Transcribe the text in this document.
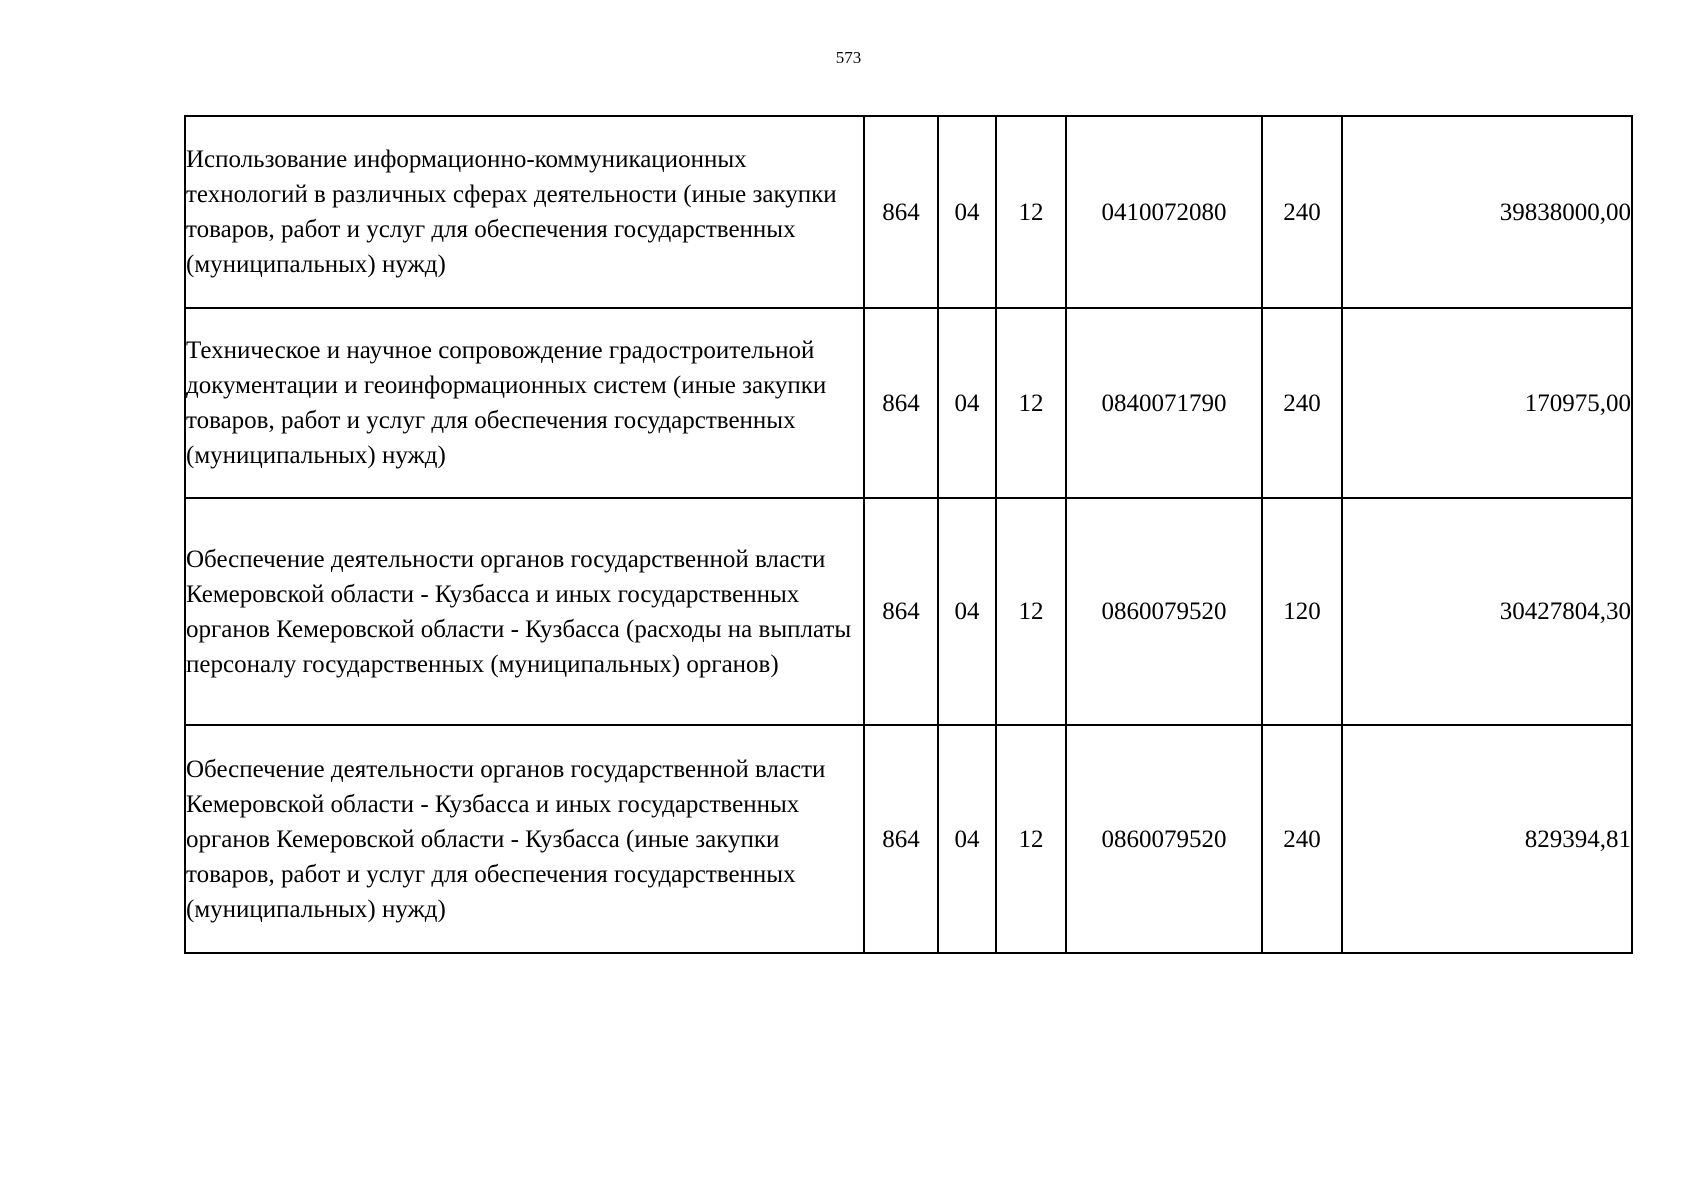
573
Использование информационно-коммуникационных технологий в различных сферах деятельности (иные закупки товаров, работ и услуг для обеспечения государственных (муниципальных) нужд)	864	04	12	0410072080	240	39838000,00
Техническое и научное сопровождение градостроительной документации и геоинформационных систем (иные закупки товаров, работ и услуг для обеспечения государственных (муниципальных) нужд)	864	04	12	0840071790	240	170975,00
Обеспечение деятельности органов государственной власти Кемеровской области - Кузбасса и иных государственных органов Кемеровской области - Кузбасса (расходы на выплаты персоналу государственных (муниципальных) органов)	864	04	12	0860079520	120	30427804,30
Обеспечение деятельности органов государственной власти Кемеровской области - Кузбасса и иных государственных органов Кемеровской области - Кузбасса (иные закупки товаров, работ и услуг для обеспечения государственных (муниципальных) нужд)	864	04	12	0860079520	240	829394,81
